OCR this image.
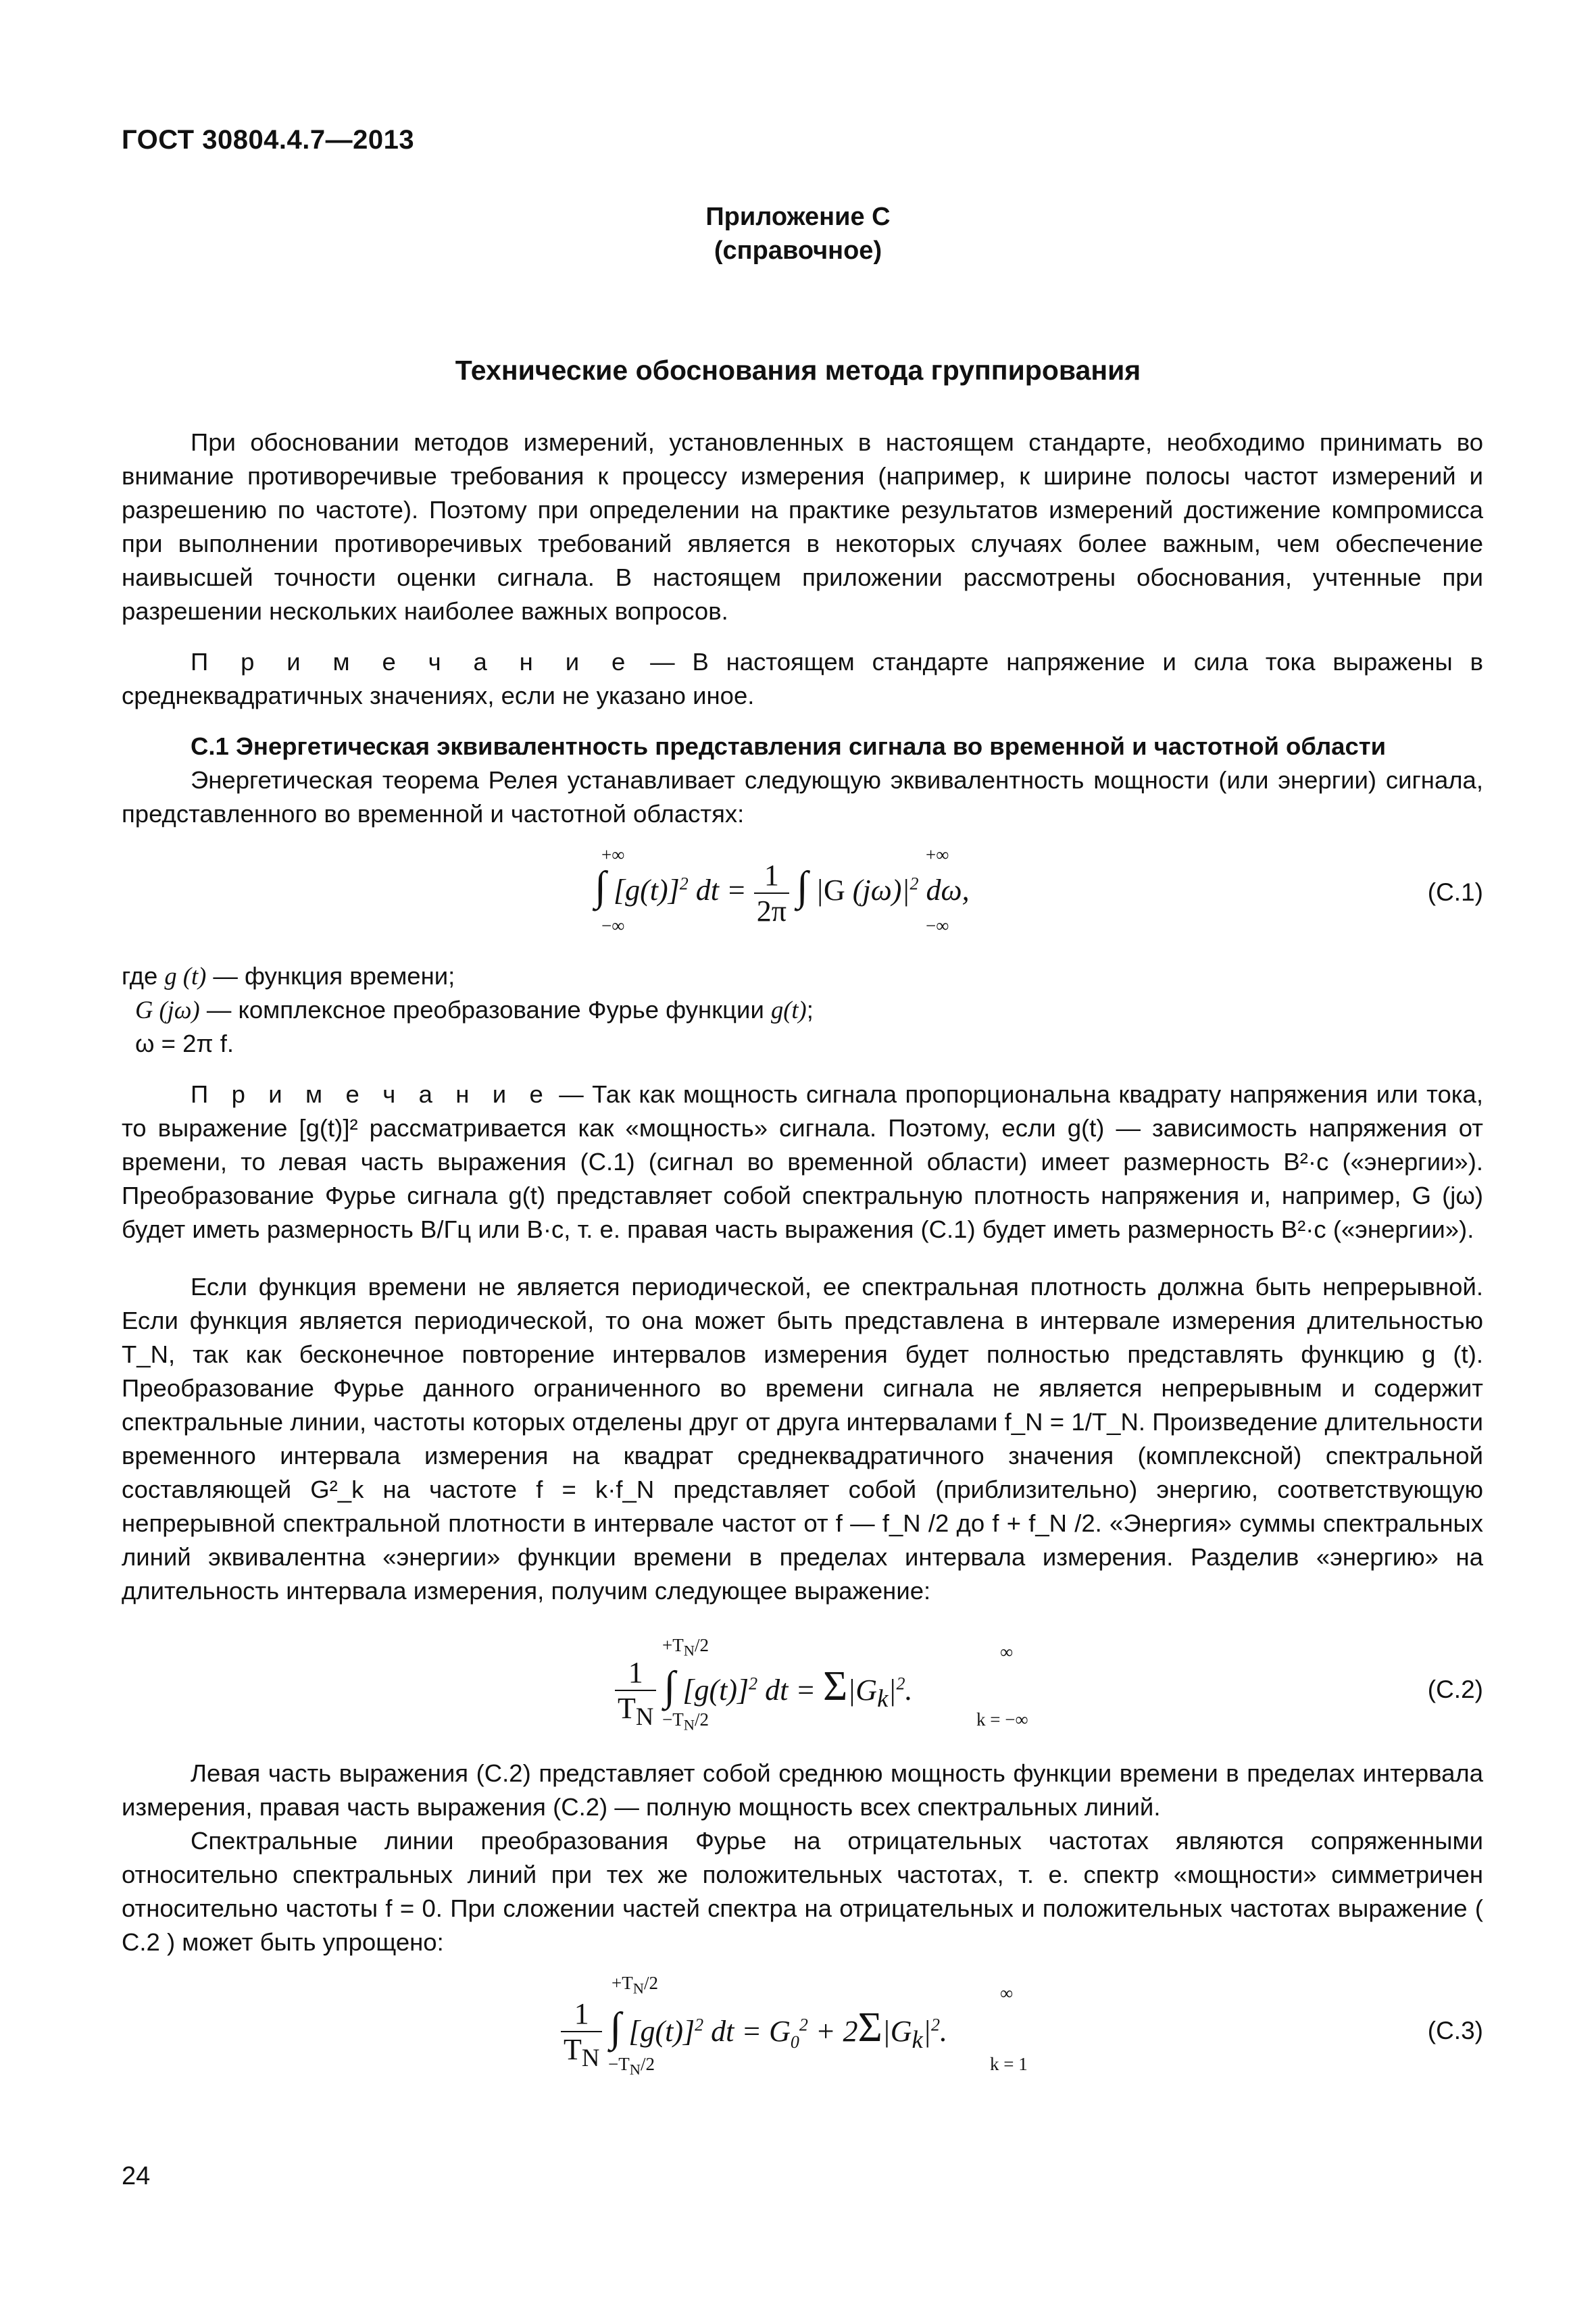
ГОСТ 30804.4.7—2013
Приложение С
(справочное)
Технические обоснования метода группирования
При обосновании методов измерений, установленных в настоящем стандарте, необходимо принимать во внимание противоречивые требования к процессу измерения (например, к ширине полосы частот измерений и разрешению по частоте). Поэтому при определении на практике результатов измерений достижение компромисса при выполнении противоречивых требований является в некоторых случаях более важным, чем обеспечение наивысшей точности оценки сигнала. В настоящем приложении рассмотрены обоснования, учтенные при разрешении нескольких наиболее важных вопросов.
П р и м е ч а н и е — В настоящем стандарте напряжение и сила тока выражены в среднеквадратичных значениях, если не указано иное.
С.1 Энергетическая эквивалентность представления сигнала во временной и частотной области
Энергетическая теорема Релея устанавливает следующую эквивалентность мощности (или энергии) сигнала, представленного во временной и частотной областях:
+∞
∫ $[g(t)]^2$ dt = $\frac{1}{2\pi}$ ∫ |G $(j\omega)|^2$ dω,
−∞
+∞
−∞
(С.1)
где g (t) — функция времени;
G (jω) — комплексное преобразование Фурье функции g(t);
ω = 2π f.
П р и м е ч а н и е — Так как мощность сигнала пропорциональна квадрату напряжения или тока, то выражение [g(t)]² рассматривается как «мощность» сигнала. Поэтому, если g(t) — зависимость напряжения от времени, то левая часть выражения (С.1) (сигнал во временной области) имеет размерность В²·с («энергии»). Преобразование Фурье сигнала g(t) представляет собой спектральную плотность напряжения и, например, G (jω) будет иметь размерность В/Гц или В·с, т. е. правая часть выражения (С.1) будет иметь размерность В²·с («энергии»).
Если функция времени не является периодической, ее спектральная плотность должна быть непрерывной. Если функция является периодической, то она может быть представлена в интервале измерения длительностью T_N, так как бесконечное повторение интервалов измерения будет полностью представлять функцию g (t). Преобразование Фурье данного ограниченного во времени сигнала не является непрерывным и содержит спектральные линии, частоты которых отделены друг от друга интервалами f_N = 1/T_N. Произведение длительности временного интервала измерения на квадрат среднеквадратичного значения (комплексной) спектральной составляющей G²_k на частоте f = k·f_N представляет собой (приблизительно) энергию, соответствующую непрерывной спектральной плотности в интервале частот от f — f_N /2 до f + f_N /2. «Энергия» суммы спектральных линий эквивалентна «энергии» функции времени в пределах интервала измерения. Разделив «энергию» на длительность интервала измерения, получим следующее выражение:
$+T_N/2$
$\frac{1}{T_N}$ ∫ $[g(t)]^2$ dt = $\Sigma|G_k|^2$.
$-T_N/2$
∞
k = −∞
(С.2)
Левая часть выражения (С.2) представляет собой среднюю мощность функции времени в пределах интервала измерения, правая часть выражения (С.2) — полную мощность всех спектральных линий.
Спектральные линии преобразования Фурье на отрицательных частотах являются сопряженными относительно спектральных линий при тех же положительных частотах, т. е. спектр «мощности» симметричен относительно частоты f = 0. При сложении частей спектра на отрицательных и положительных частотах выражение ( С.2 ) может быть упрощено:
$+T_N/2$
$\frac{1}{T_N}$ ∫ $[g(t)]^2$ dt = $G_0^2 + 2\Sigma|G_k|^2$.
$-T_N/2$
∞
k = 1
(С.3)
24
